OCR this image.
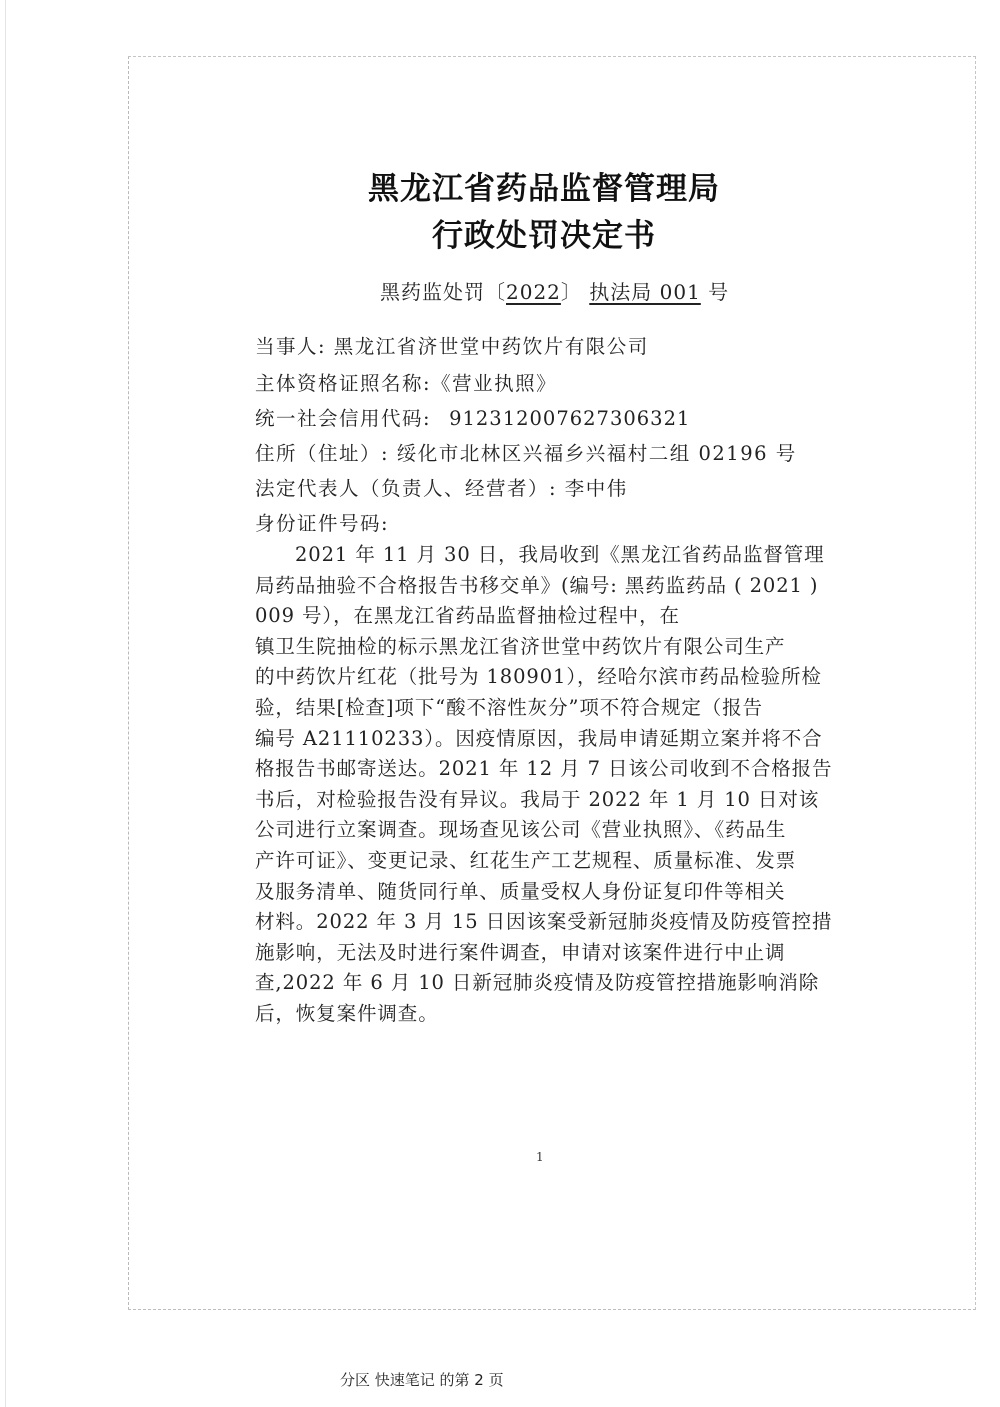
黑龙江省药品监督管理局
行政处罚决定书
黑药监处罚〔2022〕 执法局 001 号
当事人: 黑龙江省济世堂中药饮片有限公司
主体资格证照名称:《营业执照》
统一社会信用代码: 912312007627306321
住所（住址）: 绥化市北林区兴福乡兴福村二组 02196 号
法定代表人（负责人、经营者）: 李中伟
身份证件号码:
2021 年 11 月 30 日，我局收到《黑龙江省药品监督管理
局药品抽验不合格报告书移交单》(编号: 黑药监药品 ( 2021 )
009 号），在黑龙江省药品监督抽检过程中，在
镇卫生院抽检的标示黑龙江省济世堂中药饮片有限公司生产
的中药饮片红花（批号为 180901），经哈尔滨市药品检验所检
验，结果[检查]项下“酸不溶性灰分”项不符合规定（报告
编号 A21110233）。因疫情原因，我局申请延期立案并将不合
格报告书邮寄送达。2021 年 12 月 7 日该公司收到不合格报告
书后，对检验报告没有异议。我局于 2022 年 1 月 10 日对该
公司进行立案调查。现场查见该公司《营业执照》、《药品生
产许可证》、变更记录、红花生产工艺规程、质量标准、发票
及服务清单、随货同行单、质量受权人身份证复印件等相关
材料。2022 年 3 月 15 日因该案受新冠肺炎疫情及防疫管控措
施影响，无法及时进行案件调查，申请对该案件进行中止调
查,2022 年 6 月 10 日新冠肺炎疫情及防疫管控措施影响消除
后，恢复案件调查。
1
分区 快速笔记 的第 2 页
